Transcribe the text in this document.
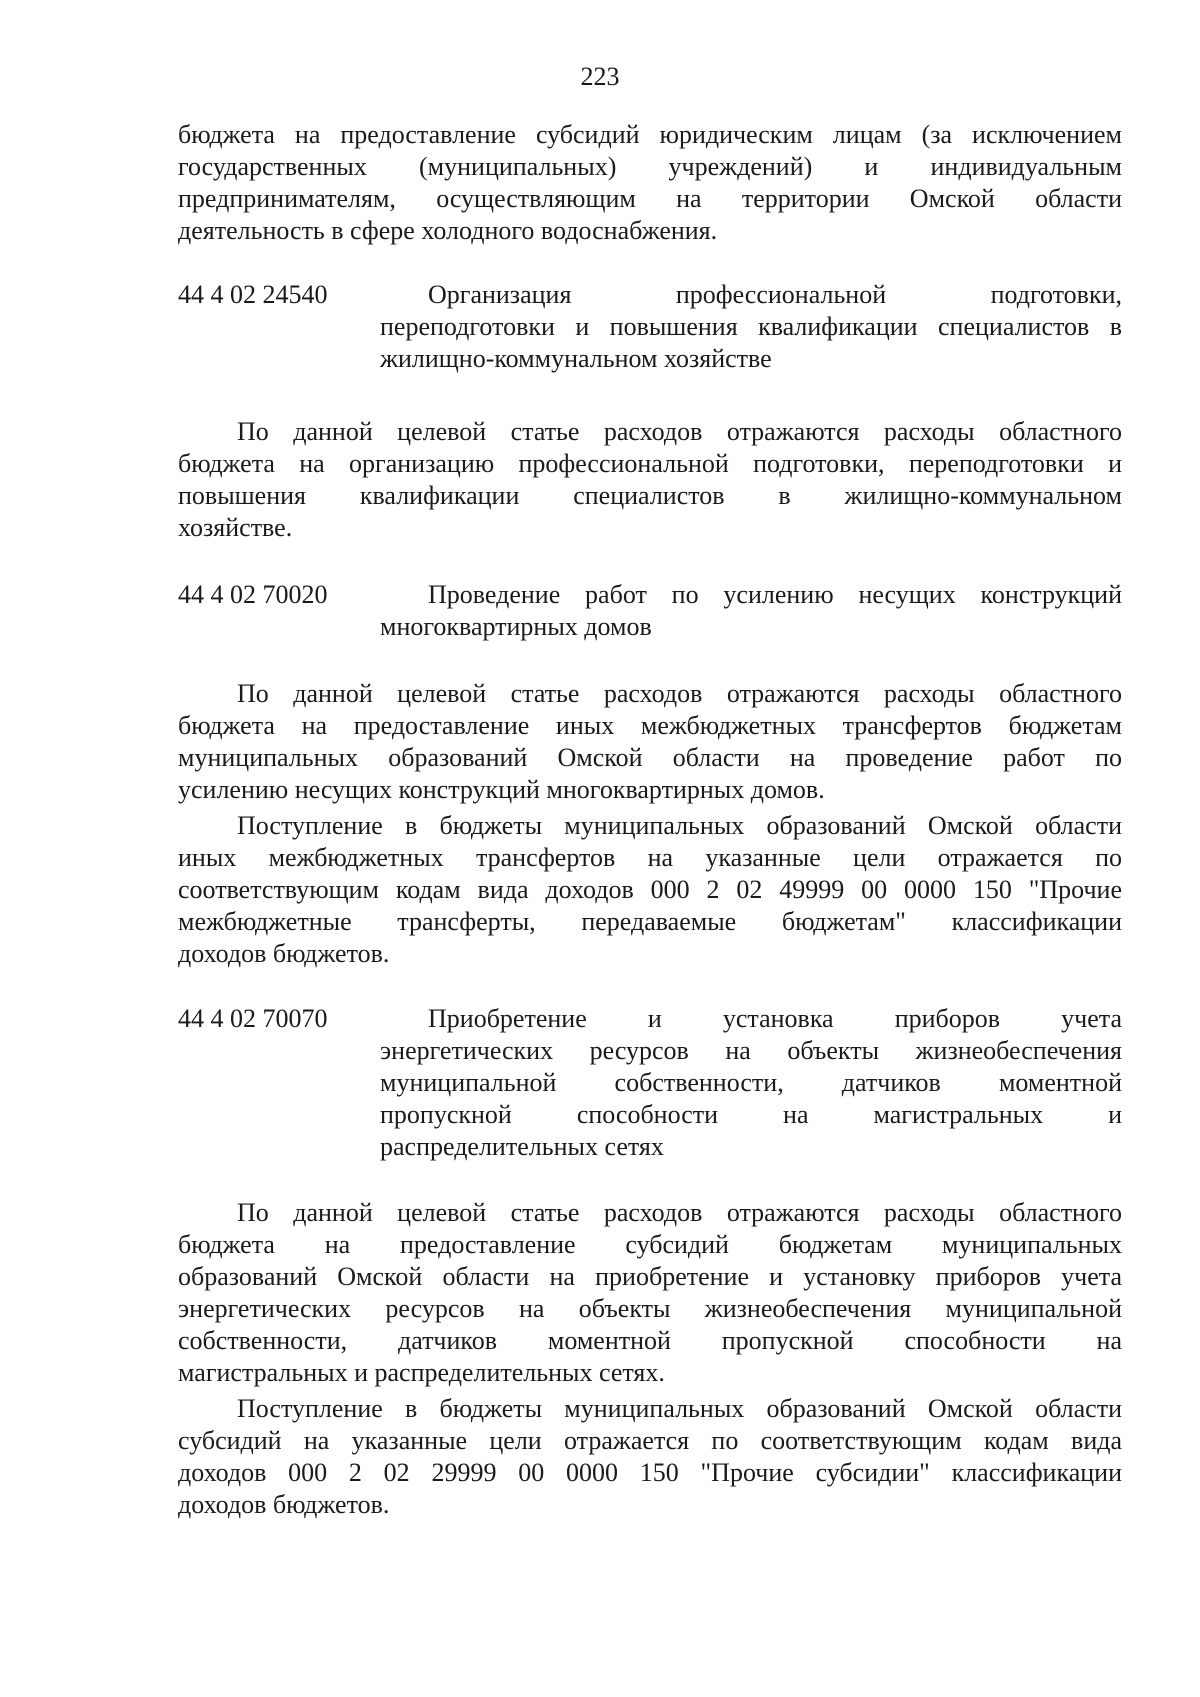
223
бюджета на предоставление субсидий юридическим лицам (за исключением
государственных (муниципальных) учреждений) и индивидуальным
предпринимателям, осуществляющим на территории Омской области
деятельность в сфере холодного водоснабжения.
44 4 02 24540	Организация профессиональной подготовки,
переподготовки и повышения квалификации специалистов в
жилищно-коммунальном хозяйстве
По данной целевой статье расходов отражаются расходы областного
бюджета на организацию профессиональной подготовки, переподготовки и
повышения квалификации специалистов в жилищно-коммунальном
хозяйстве.
44 4 02 70020	Проведение работ по усилению несущих конструкций
многоквартирных домов
По данной целевой статье расходов отражаются расходы областного
бюджета на предоставление иных межбюджетных трансфертов бюджетам
муниципальных образований Омской области на проведение работ по
усилению несущих конструкций многоквартирных домов.
Поступление в бюджеты муниципальных образований Омской области
иных межбюджетных трансфертов на указанные цели отражается по
соответствующим кодам вида доходов 000 2 02 49999 00 0000 150 "Прочие
межбюджетные трансферты, передаваемые бюджетам" классификации
доходов бюджетов.
44 4 02 70070	Приобретение и установка приборов учета
энергетических ресурсов на объекты жизнеобеспечения
муниципальной собственности, датчиков моментной
пропускной способности на магистральных и
распределительных сетях
По данной целевой статье расходов отражаются расходы областного
бюджета на предоставление субсидий бюджетам муниципальных
образований Омской области на приобретение и установку приборов учета
энергетических ресурсов на объекты жизнеобеспечения муниципальной
собственности, датчиков моментной пропускной способности на
магистральных и распределительных сетях.
Поступление в бюджеты муниципальных образований Омской области
субсидий на указанные цели отражается по соответствующим кодам вида
доходов 000 2 02 29999 00 0000 150 "Прочие субсидии" классификации
доходов бюджетов.
